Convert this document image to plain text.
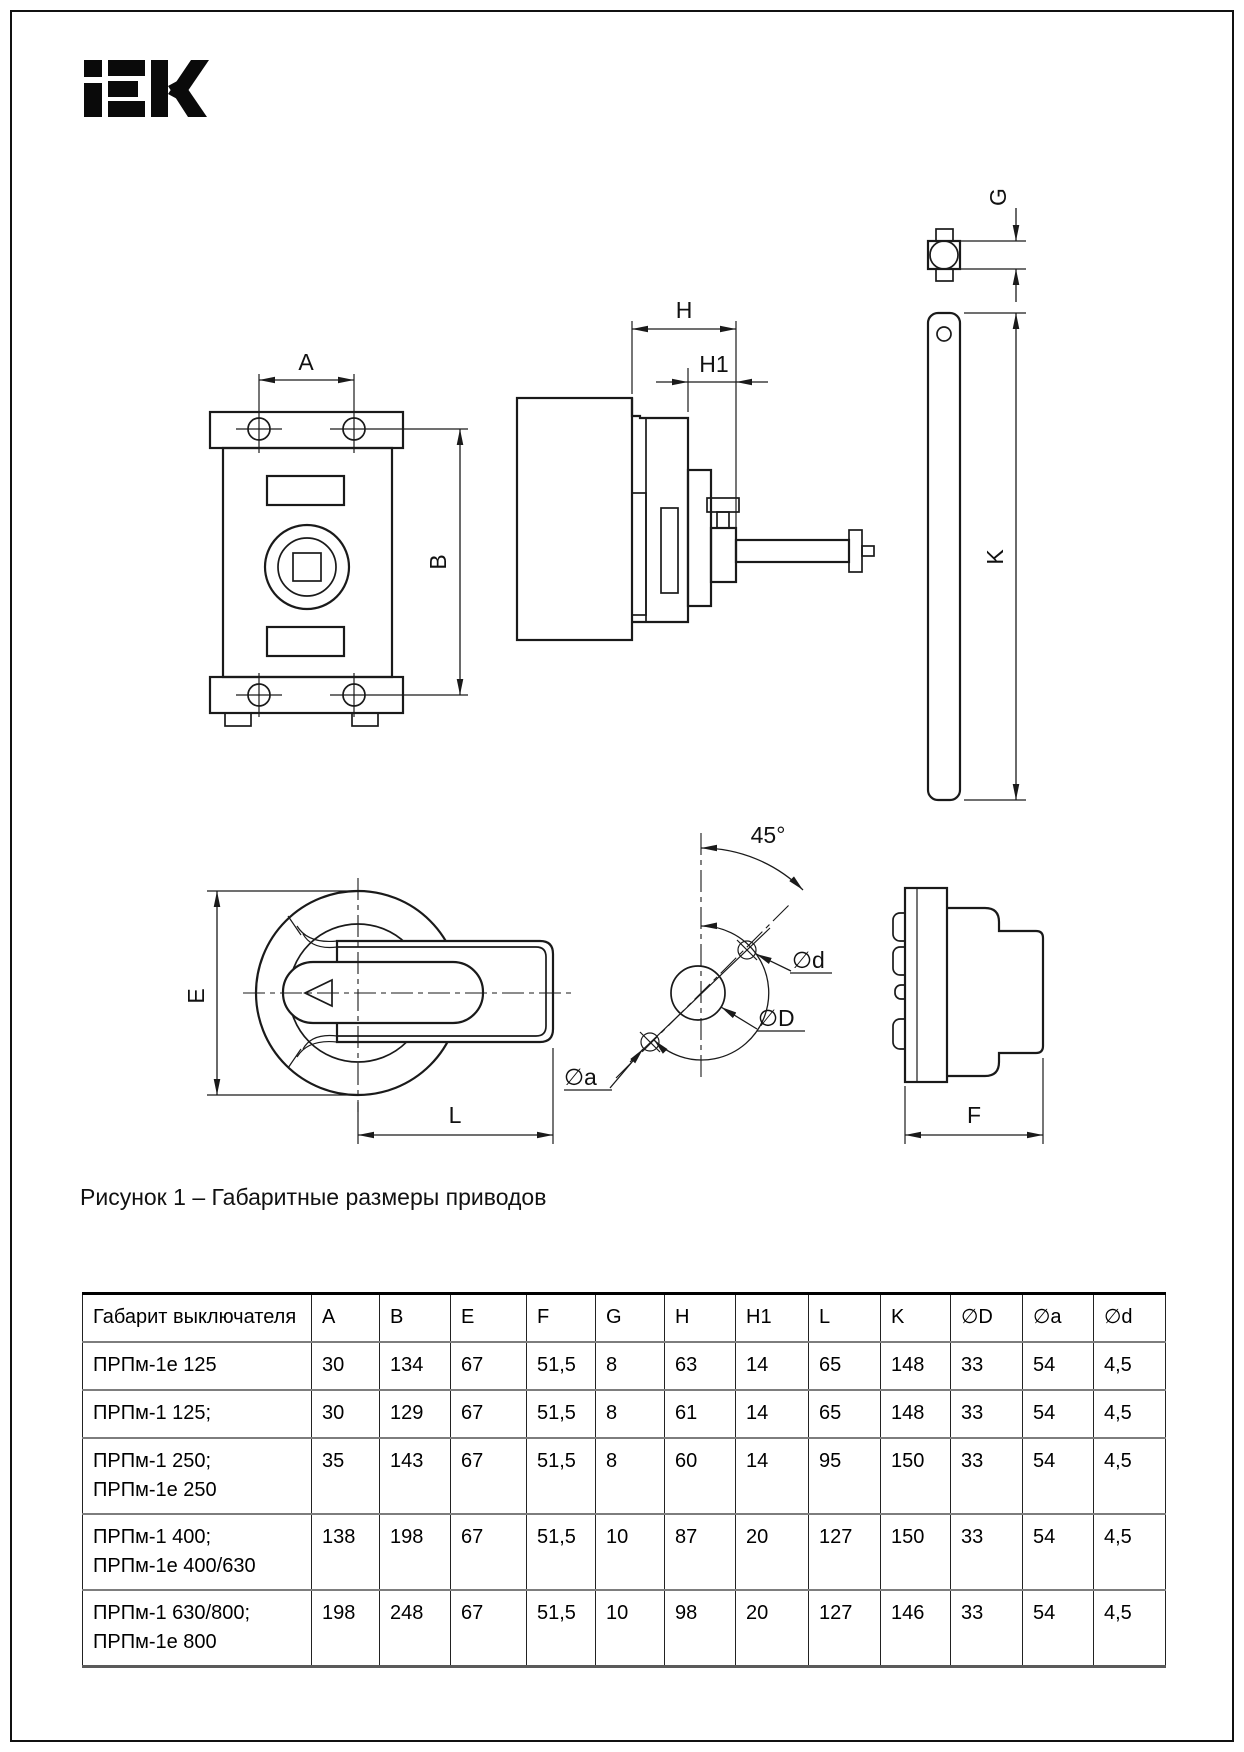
A
B
H
H1
G
K
E
L
45°
∅D
∅d
∅a
F
Рисунок 1 – Габаритные размеры приводов
Габарит выключателя	A	B	E	F	G	H	H1	L	K	∅D	∅a	∅d
ПРПм-1е 125	30	134	67	51,5	8	63	14	65	148	33	54	4,5
ПРПм-1 125;	30	129	67	51,5	8	61	14	65	148	33	54	4,5
ПРПм-1 250;
ПРПм-1е 250	35	143	67	51,5	8	60	14	95	150	33	54	4,5
ПРПм-1 400;
ПРПм-1е 400/630	138	198	67	51,5	10	87	20	127	150	33	54	4,5
ПРПм-1 630/800;
ПРПм-1е 800	198	248	67	51,5	10	98	20	127	146	33	54	4,5
